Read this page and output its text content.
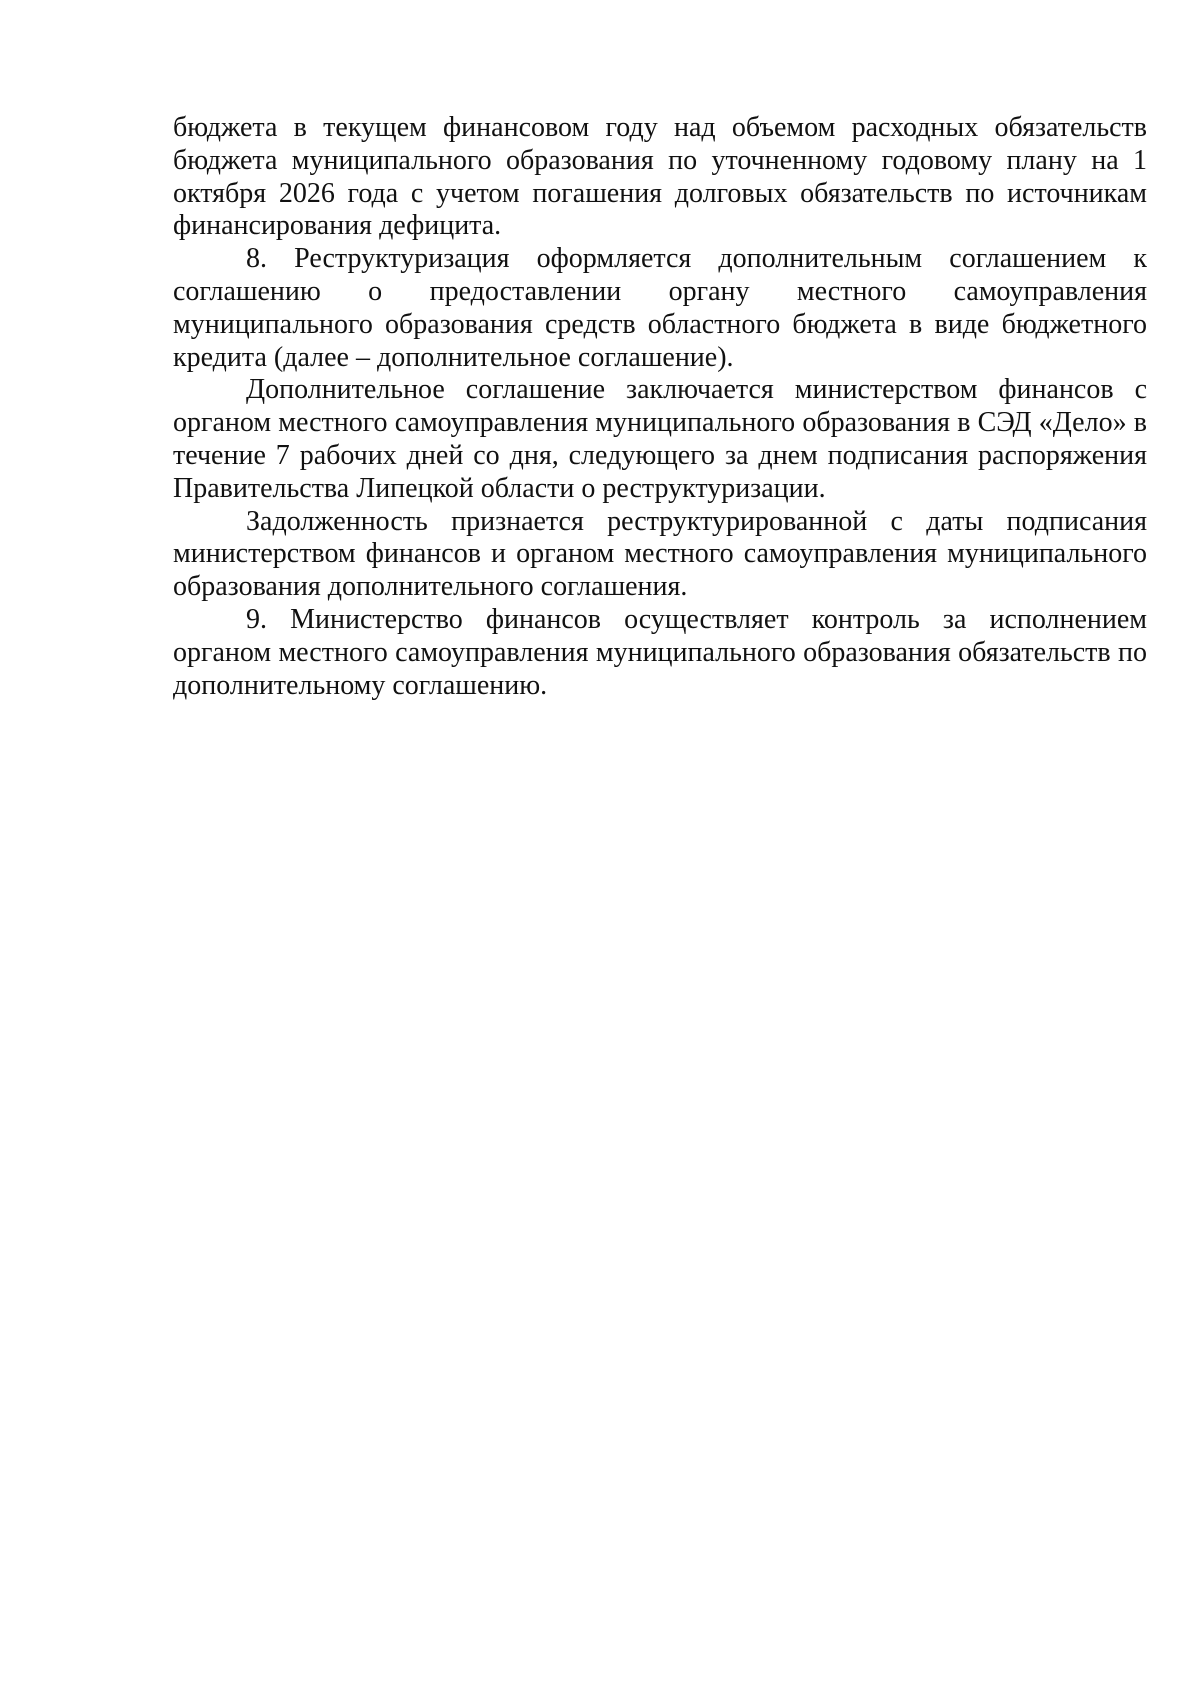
бюджета в текущем финансовом году над объемом расходных обязательств бюджета муниципального образования по уточненному годовому плану на 1 октября 2026 года с учетом погашения долговых обязательств по источникам финансирования дефицита.

8. Реструктуризация оформляется дополнительным соглашением к соглашению о предоставлении органу местного самоуправления муниципального образования средств областного бюджета в виде бюджетного кредита (далее – дополнительное соглашение).

Дополнительное соглашение заключается министерством финансов с органом местного самоуправления муниципального образования в СЭД «Дело» в течение 7 рабочих дней со дня, следующего за днем подписания распоряжения Правительства Липецкой области о реструктуризации.

Задолженность признается реструктурированной с даты подписания министерством финансов и органом местного самоуправления муниципального образования дополнительного соглашения.

9. Министерство финансов осуществляет контроль за исполнением органом местного самоуправления муниципального образования обязательств по дополнительному соглашению.
